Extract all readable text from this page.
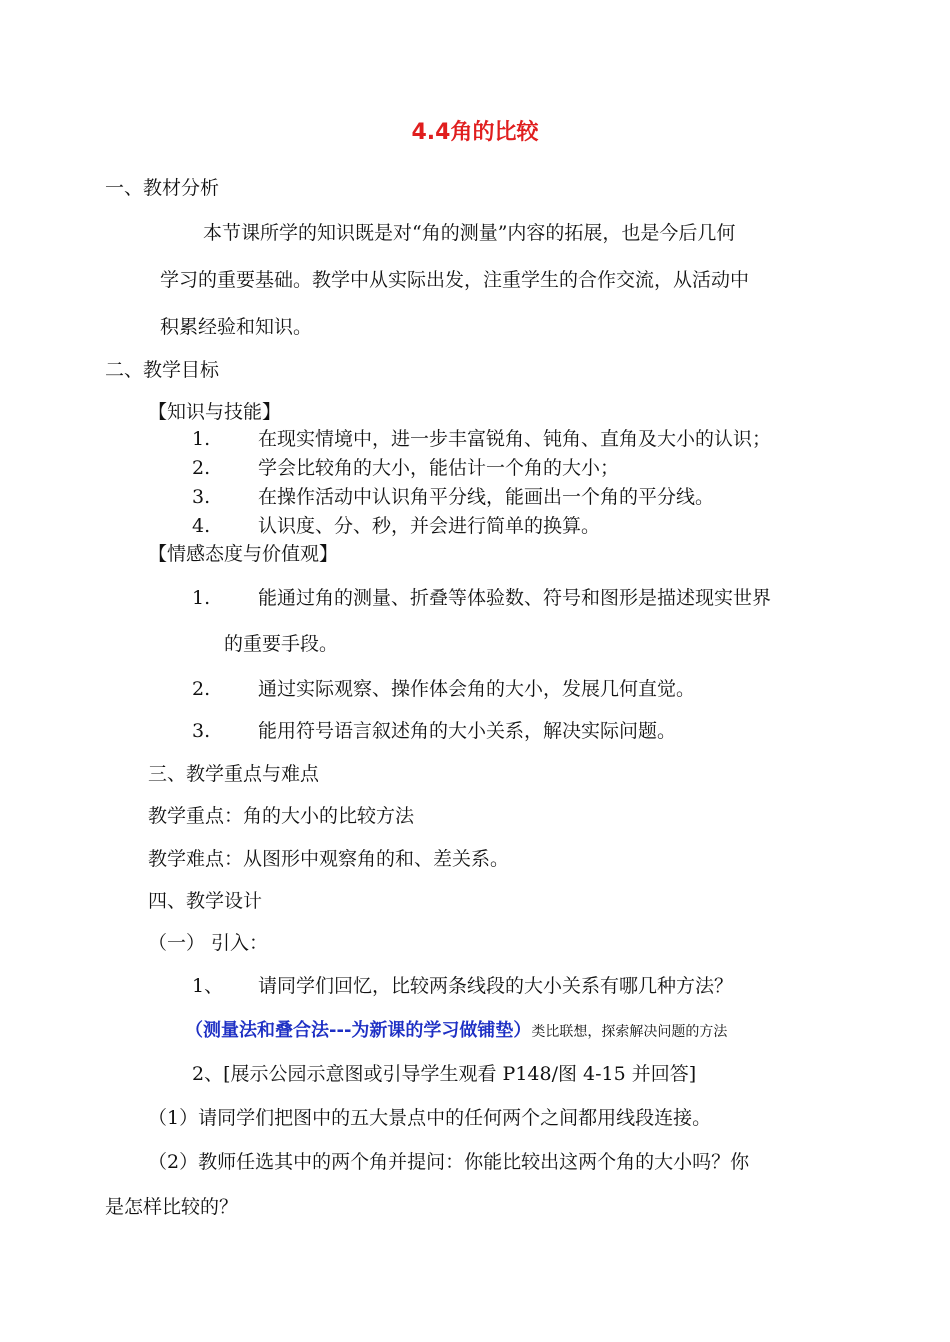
4.4角的比较
一、教材分析
本节课所学的知识既是对“角的测量”内容的拓展，也是今后几何
学习的重要基础。教学中从实际出发，注重学生的合作交流，从活动中
积累经验和知识。
二、教学目标
【知识与技能】
1.	在现实情境中，进一步丰富锐角、钝角、直角及大小的认识；
2.	学会比较角的大小，能估计一个角的大小；
3.	在操作活动中认识角平分线，能画出一个角的平分线。
4.	认识度、分、秒，并会进行简单的换算。
【情感态度与价值观】
1.	能通过角的测量、折叠等体验数、符号和图形是描述现实世界
的重要手段。
2.	通过实际观察、操作体会角的大小，发展几何直觉。
3.	能用符号语言叙述角的大小关系，解决实际问题。
三、教学重点与难点
教学重点：角的大小的比较方法
教学难点：从图形中观察角的和、差关系。
四、教学设计
（一） 引入：
1、 请同学们回忆，比较两条线段的大小关系有哪几种方法？
（测量法和叠合法---为新课的学习做铺垫）类比联想，探索解决问题的方法
2、[展示公园示意图或引导学生观看 P148/图 4-15 并回答]
（1）请同学们把图中的五大景点中的任何两个之间都用线段连接。
（2）教师任选其中的两个角并提问：你能比较出这两个角的大小吗？你
是怎样比较的？
